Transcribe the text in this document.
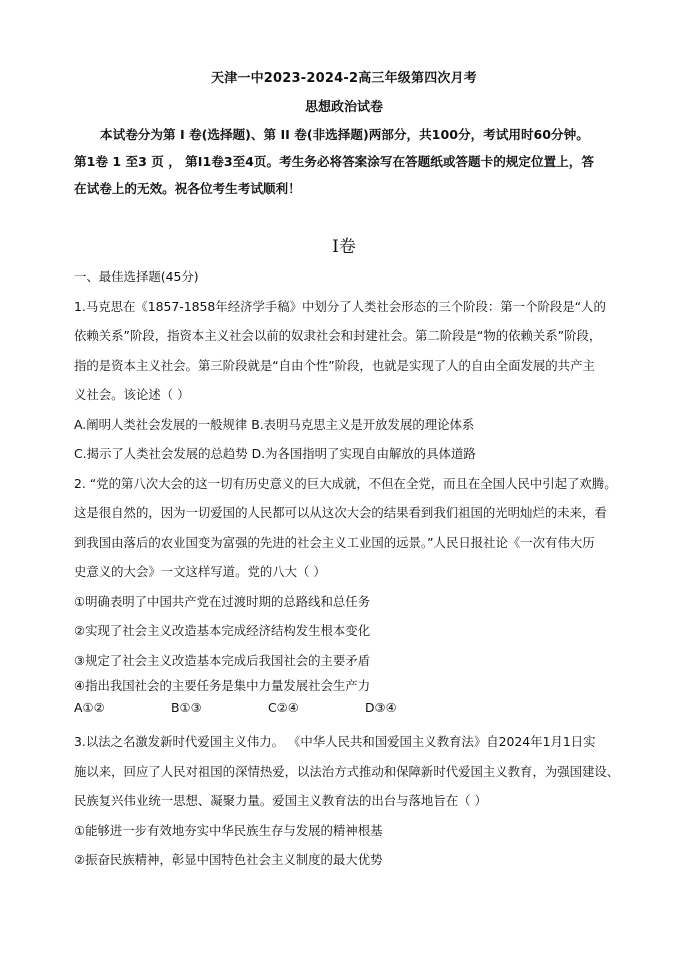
天津一中2023-2024-2高三年级第四次月考
思想政治试卷

本试卷分为第 I 卷(选择题)、第 II 卷(非选择题)两部分，共100分，考试用时60分钟。

第1卷 1 至3 页 ， 第I1卷3至4页。考生务必将答案涂写在答题纸或答题卡的规定位置上，答

在试卷上的无效。祝各位考生考试顺利！

I卷

一、最佳选择题(45分)

1.马克思在《1857-1858年经济学手稿》中划分了人类社会形态的三个阶段：第一个阶段是“人的

依赖关系”阶段，指资本主义社会以前的奴隶社会和封建社会。第二阶段是“物的依赖关系”阶段，

指的是资本主义社会。第三阶段就是“自由个性”阶段，也就是实现了人的自由全面发展的共产主

义社会。该论述（ ）

A.阐明人类社会发展的一般规律 B.表明马克思主义是开放发展的理论体系

C.揭示了人类社会发展的总趋势 D.为各国指明了实现自由解放的具体道路

2. “党的第八次大会的这一切有历史意义的巨大成就，不但在全党，而且在全国人民中引起了欢腾。

这是很自然的，因为一切爱国的人民都可以从这次大会的结果看到我们祖国的光明灿烂的未来，看

到我国由落后的农业国变为富强的先进的社会主义工业国的远景。”人民日报社论《一次有伟大历

史意义的大会》一文这样写道。党的八大（ ）

①明确表明了中国共产党在过渡时期的总路线和总任务

②实现了社会主义改造基本完成经济结构发生根本变化

③规定了社会主义改造基本完成后我国社会的主要矛盾

④指出我国社会的主要任务是集中力量发展社会生产力

A①②	B①③	C②④	D③④

3.以法之名激发新时代爱国主义伟力。 《中华人民共和国爱国主义教育法》自2024年1月1日实

施以来，回应了人民对祖国的深情热爱，以法治方式推动和保障新时代爱国主义教育，为强国建设、

民族复兴伟业统一思想、凝聚力量。爱国主义教育法的出台与落地旨在（ ）

①能够进一步有效地夯实中华民族生存与发展的精神根基

②振奋民族精神，彰显中国特色社会主义制度的最大优势
